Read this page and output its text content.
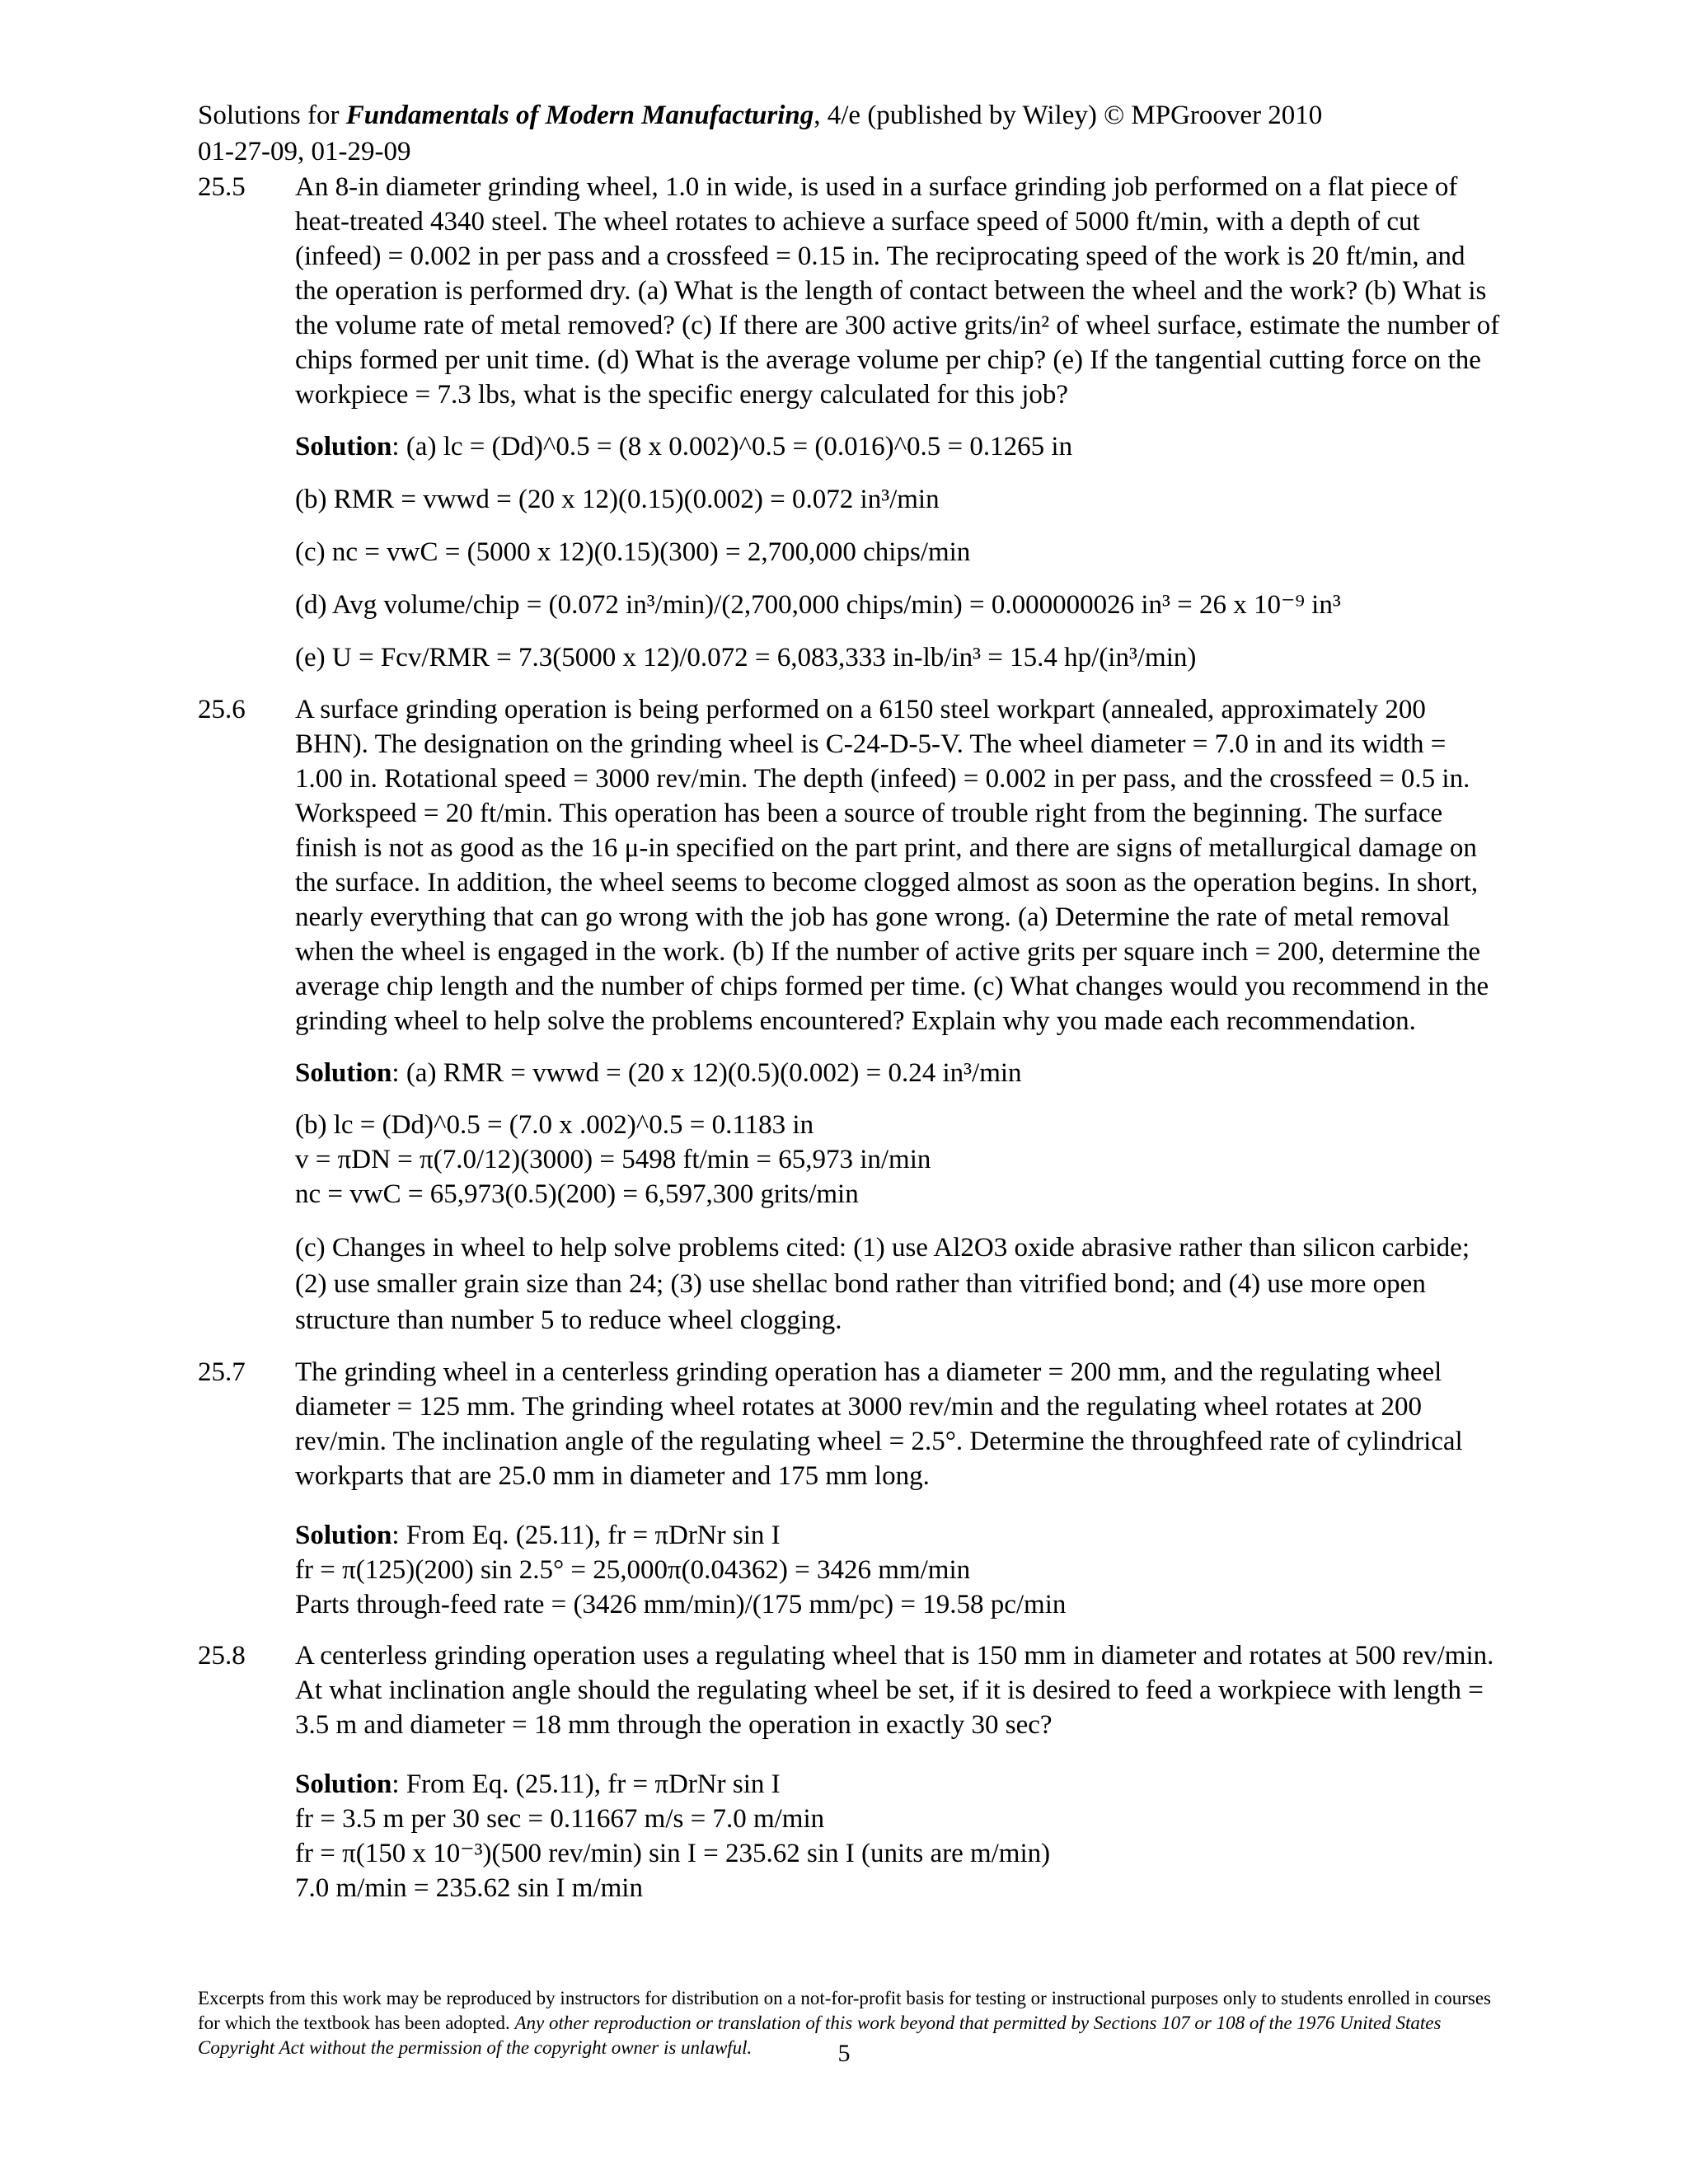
Solutions for Fundamentals of Modern Manufacturing, 4/e (published by Wiley) © MPGroover 2010
01-27-09, 01-29-09
25.5 An 8-in diameter grinding wheel, 1.0 in wide, is used in a surface grinding job performed on a flat piece of heat-treated 4340 steel. The wheel rotates to achieve a surface speed of 5000 ft/min, with a depth of cut (infeed) = 0.002 in per pass and a crossfeed = 0.15 in. The reciprocating speed of the work is 20 ft/min, and the operation is performed dry. (a) What is the length of contact between the wheel and the work? (b) What is the volume rate of metal removed? (c) If there are 300 active grits/in² of wheel surface, estimate the number of chips formed per unit time. (d) What is the average volume per chip? (e) If the tangential cutting force on the workpiece = 7.3 lbs, what is the specific energy calculated for this job?

Solution: (a) lc = (Dd)^0.5 = (8 x 0.002)^0.5 = (0.016)^0.5 = 0.1265 in
(b) RMR = vwwd = (20 x 12)(0.15)(0.002) = 0.072 in³/min
(c) nc = vwC = (5000 x 12)(0.15)(300) = 2,700,000 chips/min
(d) Avg volume/chip = (0.072 in³/min)/(2,700,000 chips/min) = 0.000000026 in³ = 26 x 10⁻⁹ in³
(e) U = Fcv/RMR = 7.3(5000 x 12)/0.072 = 6,083,333 in-lb/in³ = 15.4 hp/(in³/min)
25.6 A surface grinding operation is being performed on a 6150 steel workpart (annealed, approximately 200 BHN). The designation on the grinding wheel is C-24-D-5-V. The wheel diameter = 7.0 in and its width = 1.00 in. Rotational speed = 3000 rev/min. The depth (infeed) = 0.002 in per pass, and the crossfeed = 0.5 in. Workspeed = 20 ft/min. This operation has been a source of trouble right from the beginning. The surface finish is not as good as the 16 μ-in specified on the part print, and there are signs of metallurgical damage on the surface. In addition, the wheel seems to become clogged almost as soon as the operation begins. In short, nearly everything that can go wrong with the job has gone wrong. (a) Determine the rate of metal removal when the wheel is engaged in the work. (b) If the number of active grits per square inch = 200, determine the average chip length and the number of chips formed per time. (c) What changes would you recommend in the grinding wheel to help solve the problems encountered? Explain why you made each recommendation.

Solution: (a) RMR = vwwd = (20 x 12)(0.5)(0.002) = 0.24 in³/min
(b) lc = (Dd)^0.5 = (7.0 x .002)^0.5 = 0.1183 in
v = πDN = π(7.0/12)(3000) = 5498 ft/min = 65,973 in/min
nc = vwC = 65,973(0.5)(200) = 6,597,300 grits/min
(c) Changes in wheel to help solve problems cited: (1) use Al2O3 oxide abrasive rather than silicon carbide; (2) use smaller grain size than 24; (3) use shellac bond rather than vitrified bond; and (4) use more open structure than number 5 to reduce wheel clogging.
25.7 The grinding wheel in a centerless grinding operation has a diameter = 200 mm, and the regulating wheel diameter = 125 mm. The grinding wheel rotates at 3000 rev/min and the regulating wheel rotates at 200 rev/min. The inclination angle of the regulating wheel = 2.5°. Determine the throughfeed rate of cylindrical workparts that are 25.0 mm in diameter and 175 mm long.

Solution: From Eq. (25.11), fr = πDrNr sin I
fr = π(125)(200) sin 2.5° = 25,000π(0.04362) = 3426 mm/min
Parts through-feed rate = (3426 mm/min)/(175 mm/pc) = 19.58 pc/min
25.8 A centerless grinding operation uses a regulating wheel that is 150 mm in diameter and rotates at 500 rev/min. At what inclination angle should the regulating wheel be set, if it is desired to feed a workpiece with length = 3.5 m and diameter = 18 mm through the operation in exactly 30 sec?

Solution: From Eq. (25.11), fr = πDrNr sin I
fr = 3.5 m per 30 sec = 0.11667 m/s = 7.0 m/min
fr = π(150 x 10⁻³)(500 rev/min) sin I = 235.62 sin I (units are m/min)
7.0 m/min = 235.62 sin I m/min
Excerpts from this work may be reproduced by instructors for distribution on a not-for-profit basis for testing or instructional purposes only to students enrolled in courses for which the textbook has been adopted. Any other reproduction or translation of this work beyond that permitted by Sections 107 or 108 of the 1976 United States Copyright Act without the permission of the copyright owner is unlawful.	5
